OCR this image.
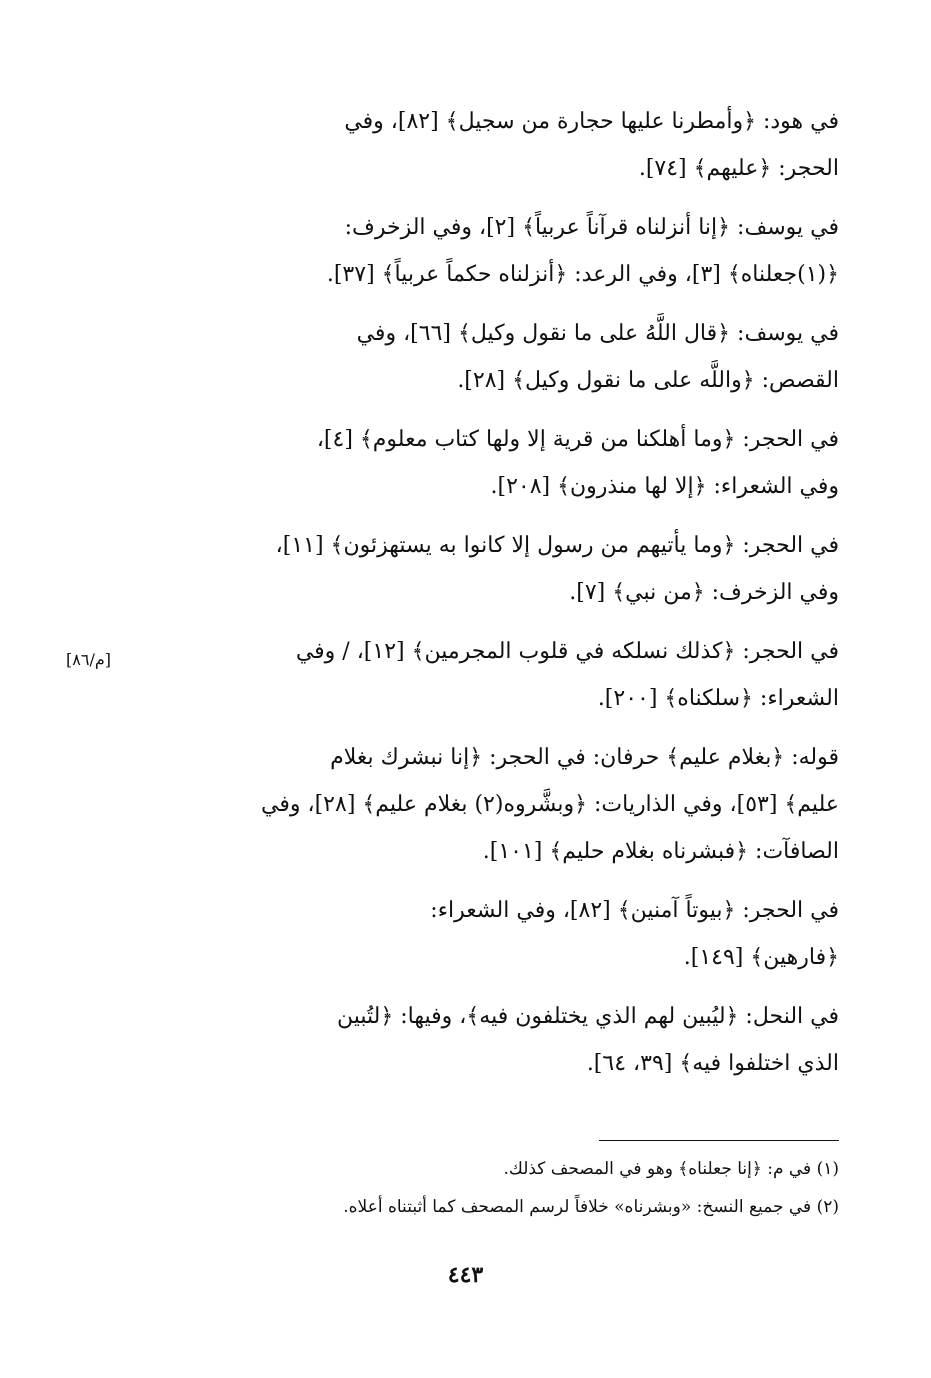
في هود: ﴿وأمطرنا عليها حجارة من سجيل﴾ [٨٢]، وفي
الحجر: ﴿عليهم﴾ [٧٤].
في يوسف: ﴿إنا أنزلناه قرآناً عربياً﴾ [٢]، وفي الزخرف:
﴿(١)جعلناه﴾ [٣]، وفي الرعد: ﴿أنزلناه حكماً عربياً﴾ [٣٧].
في يوسف: ﴿قال اللَّهُ على ما نقول وكيل﴾ [٦٦]، وفي
القصص: ﴿واللَّه على ما نقول وكيل﴾ [٢٨].
في الحجر: ﴿وما أهلكنا من قرية إلا ولها كتاب معلوم﴾ [٤]،
وفي الشعراء: ﴿إلا لها منذرون﴾ [٢٠٨].
في الحجر: ﴿وما يأتيهم من رسول إلا كانوا به يستهزئون﴾ [١١]،
وفي الزخرف: ﴿من نبي﴾ [٧].
في الحجر: ﴿كذلك نسلكه في قلوب المجرمين﴾ [١٢]، / وفي
الشعراء: ﴿سلكناه﴾ [٢٠٠].
قوله: ﴿بغلام عليم﴾ حرفان: في الحجر: ﴿إنا نبشرك بغلام
عليم﴾ [٥٣]، وفي الذاريات: ﴿وبشَّروه(٢) بغلام عليم﴾ [٢٨]، وفي
الصافآت: ﴿فبشرناه بغلام حليم﴾ [١٠١].
في الحجر: ﴿بيوتاً آمنين﴾ [٨٢]، وفي الشعراء:
﴿فارهين﴾ [١٤٩].
في النحل: ﴿ليُبين لهم الذي يختلفون فيه﴾، وفيها: ﴿لتُبين
الذي اختلفوا فيه﴾ [٣٩، ٦٤].
[م/٨٦]
(١) في م: ﴿إنا جعلناه﴾ وهو في المصحف كذلك.
(٢) في جميع النسخ: «وبشرناه» خلافاً لرسم المصحف كما أثبتناه أعلاه.
٤٤٣
